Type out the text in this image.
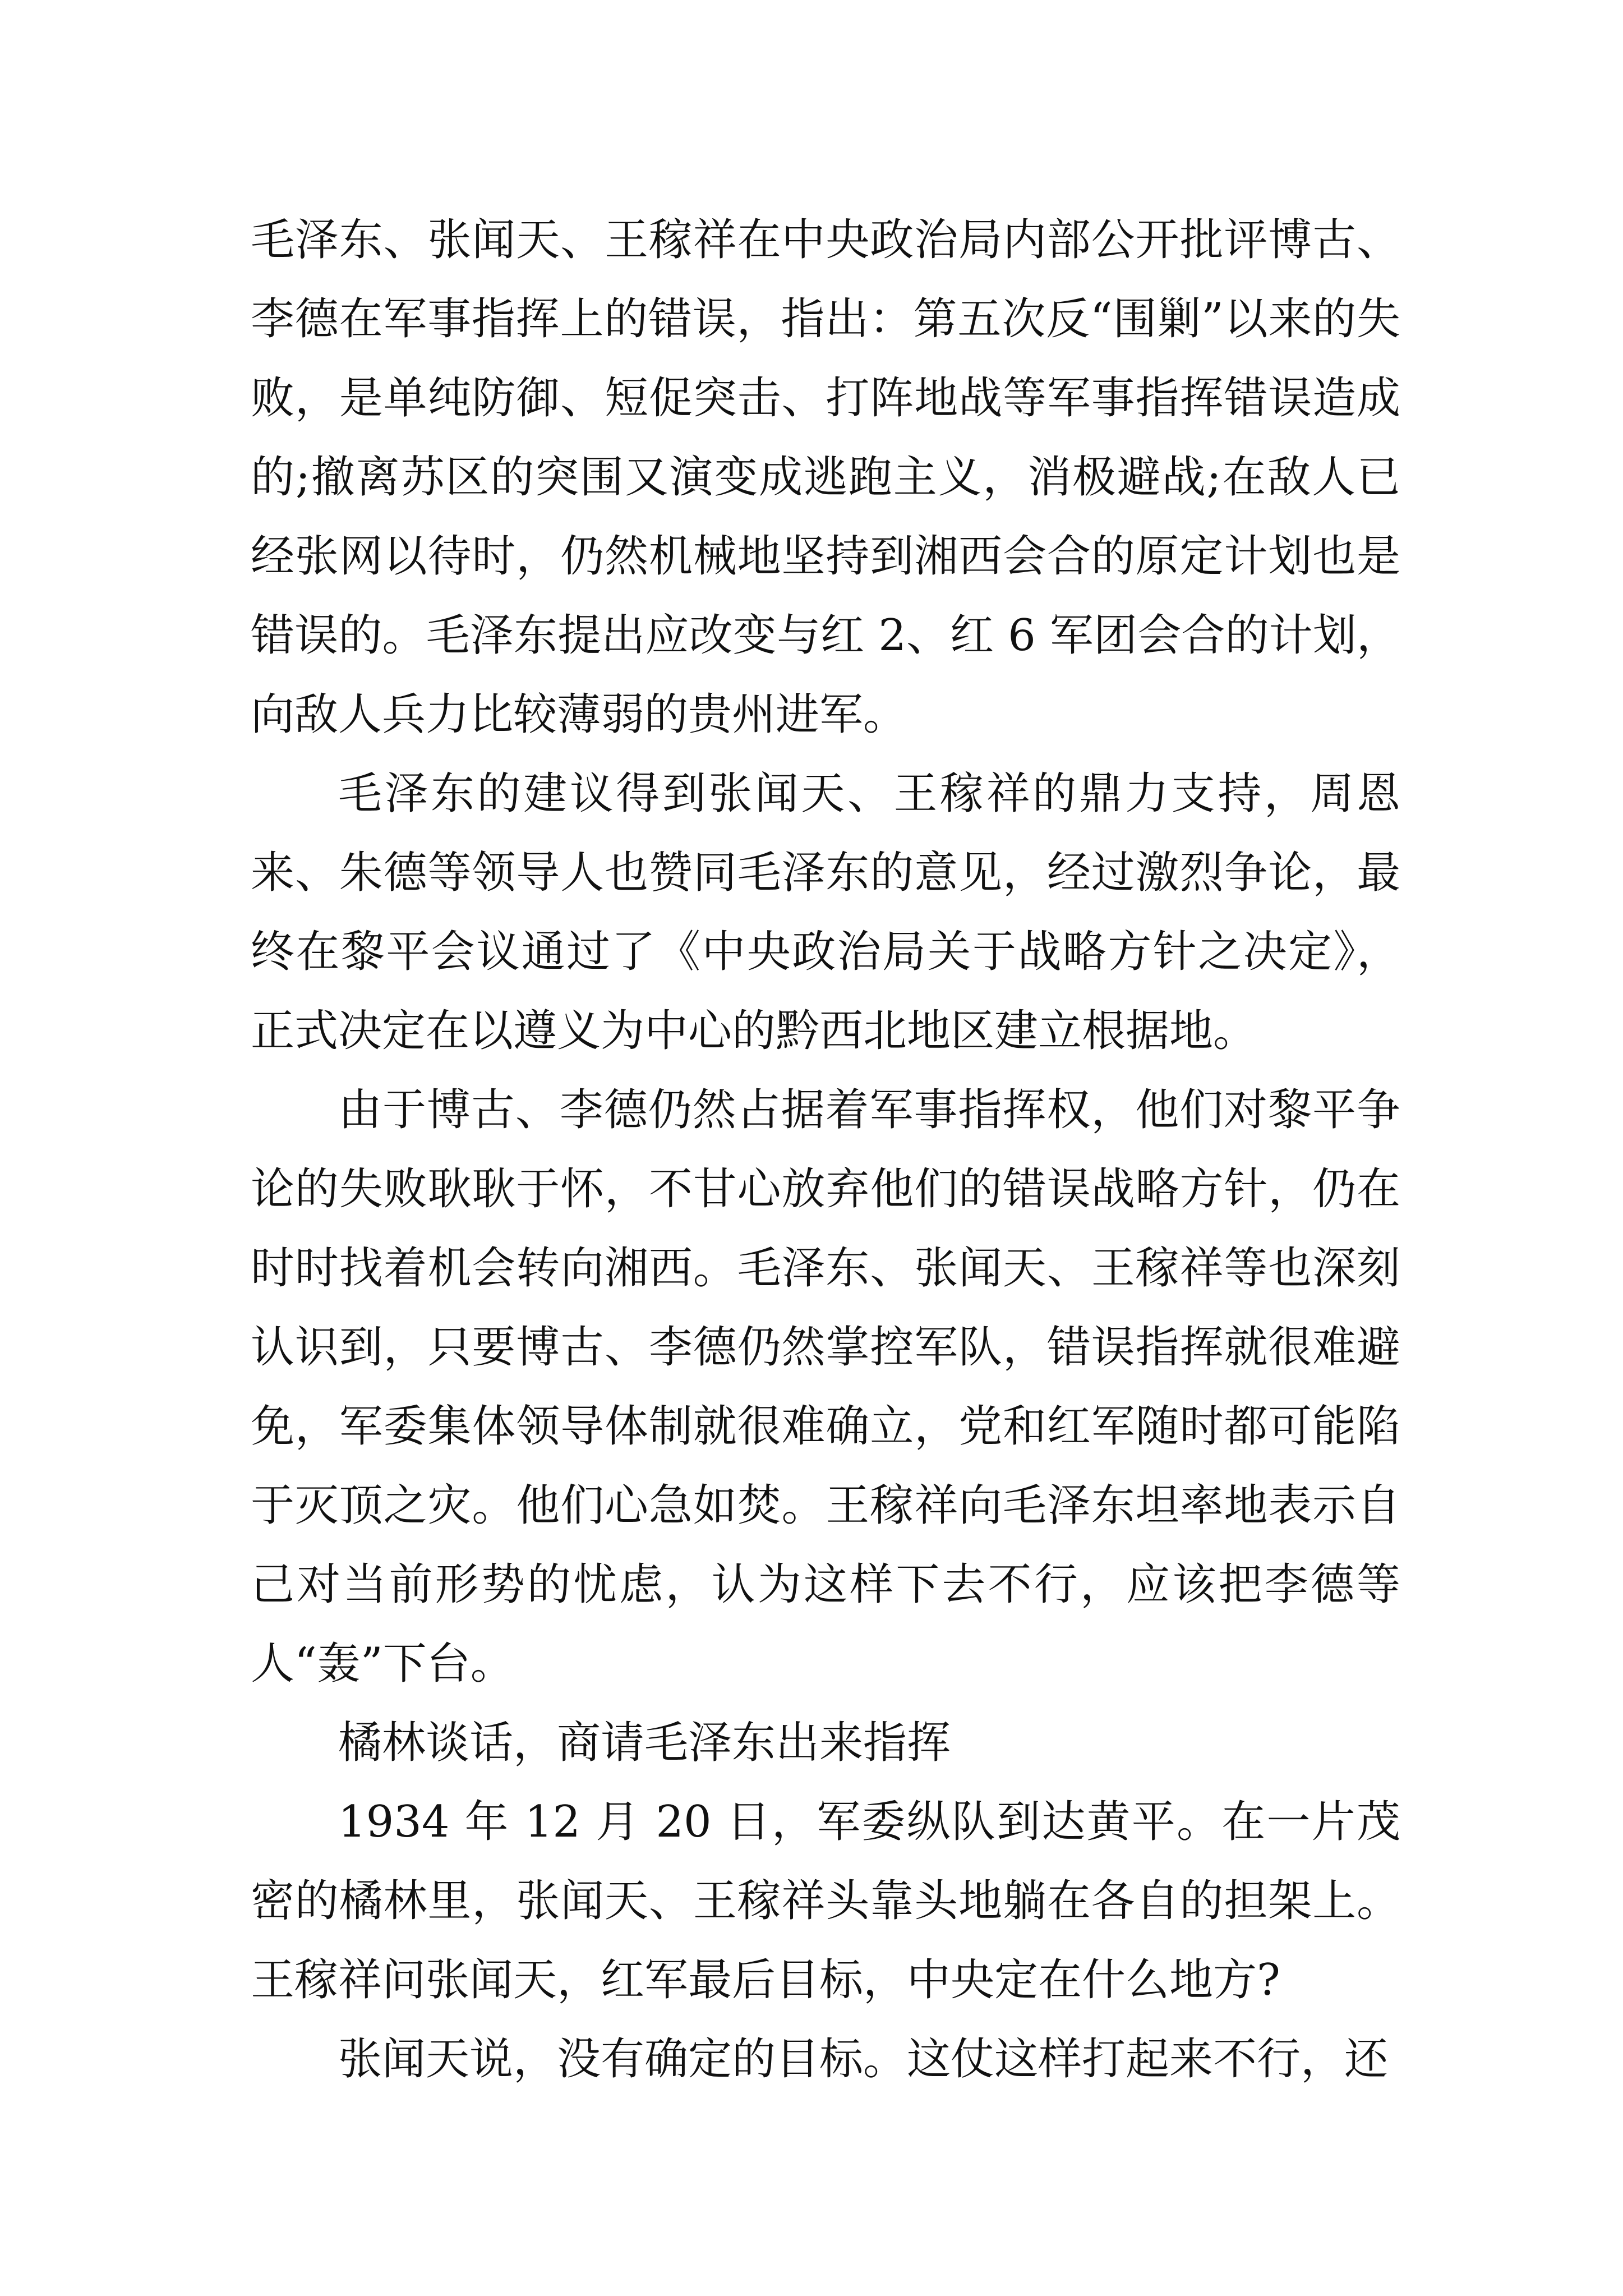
毛泽东、张闻天、王稼祥在中央政治局内部公开批评博古、李德在军事指挥上的错误，指出：第五次反“围剿”以来的失败，是单纯防御、短促突击、打阵地战等军事指挥错误造成的;撤离苏区的突围又演变成逃跑主义，消极避战;在敌人已经张网以待时，仍然机械地坚持到湘西会合的原定计划也是错误的。毛泽东提出应改变与红 2、红 6 军团会合的计划，向敌人兵力比较薄弱的贵州进军。

毛泽东的建议得到张闻天、王稼祥的鼎力支持，周恩来、朱德等领导人也赞同毛泽东的意见，经过激烈争论，最终在黎平会议通过了《中央政治局关于战略方针之决定》，正式决定在以遵义为中心的黔西北地区建立根据地。

由于博古、李德仍然占据着军事指挥权，他们对黎平争论的失败耿耿于怀，不甘心放弃他们的错误战略方针，仍在时时找着机会转向湘西。毛泽东、张闻天、王稼祥等也深刻认识到，只要博古、李德仍然掌控军队，错误指挥就很难避免，军委集体领导体制就很难确立，党和红军随时都可能陷于灭顶之灾。他们心急如焚。王稼祥向毛泽东坦率地表示自己对当前形势的忧虑，认为这样下去不行，应该把李德等人“轰”下台。

橘林谈话，商请毛泽东出来指挥

1934 年 12 月 20 日，军委纵队到达黄平。在一片茂密的橘林里，张闻天、王稼祥头靠头地躺在各自的担架上。王稼祥问张闻天，红军最后目标，中央定在什么地方?

张闻天说，没有确定的目标。这仗这样打起来不行，还
